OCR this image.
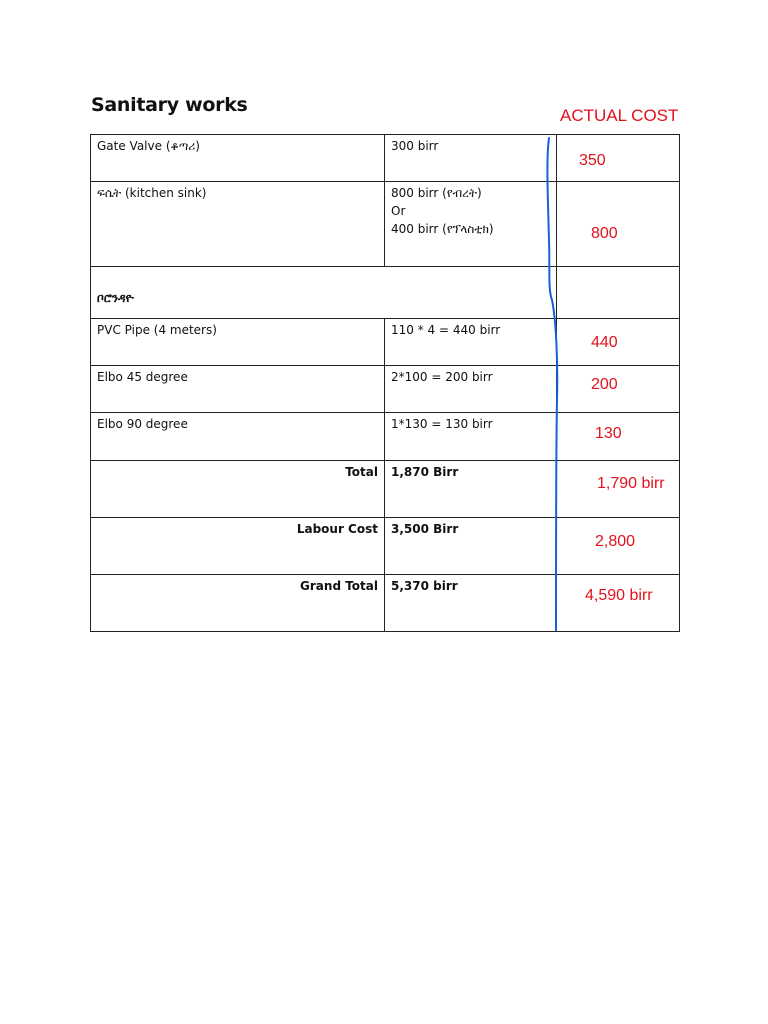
Sanitary works	ACTUAL COST
Gate Valve (ቆጣሪ)	300 birr	350

ፍሴት (kitchen sink)	800 birr (የብረት)
Or
400 birr (የፕላስቲክ)	800

ቦሮንዳዮ		
PVC Pipe (4 meters)	110 * 4 = 440 birr	440

Elbo 45 degree	2*100 = 200 birr	200

Elbo 90 degree	1*130 = 130 birr	130

Total	1,870 Birr	1,790 birr

Labour Cost	3,500 Birr	2,800

Grand Total	5,370 birr	4,590 birr
